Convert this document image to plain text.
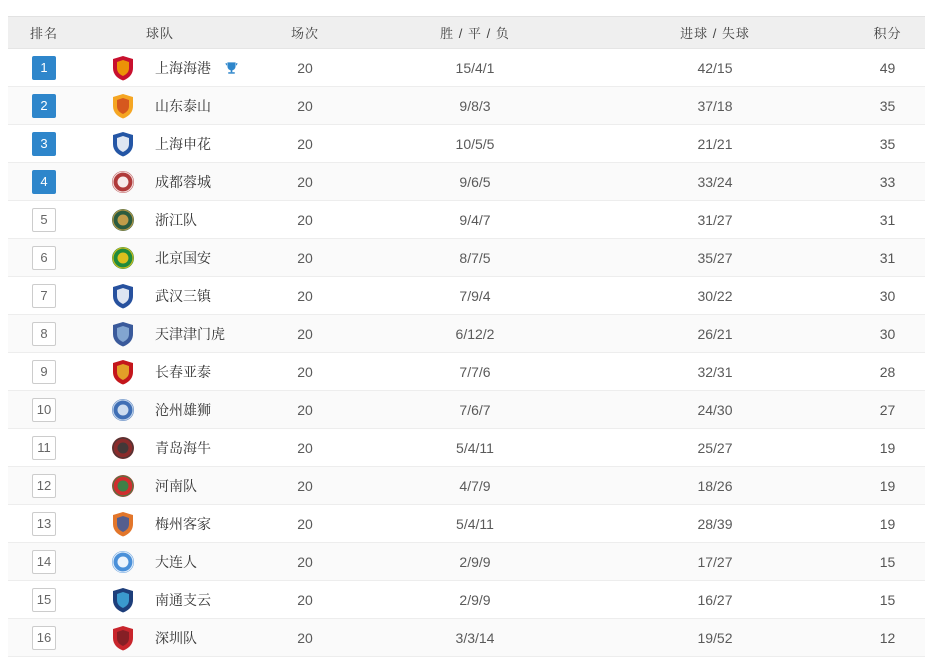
排名	球队	场次	胜 / 平 / 负	进球 / 失球	积分
1	上海海港	20	15/4/1	42/15	49
2	山东泰山	20	9/8/3	37/18	35
3	上海申花	20	10/5/5	21/21	35
4	成都蓉城	20	9/6/5	33/24	33
5	浙江队	20	9/4/7	31/27	31
6	北京国安	20	8/7/5	35/27	31
7	武汉三镇	20	7/9/4	30/22	30
8	天津津门虎	20	6/12/2	26/21	30
9	长春亚泰	20	7/7/6	32/31	28
10	沧州雄狮	20	7/6/7	24/30	27
11	青岛海牛	20	5/4/11	25/27	19
12	河南队	20	4/7/9	18/26	19
13	梅州客家	20	5/4/11	28/39	19
14	大连人	20	2/9/9	17/27	15
15	南通支云	20	2/9/9	16/27	15
16	深圳队	20	3/3/14	19/52	12
